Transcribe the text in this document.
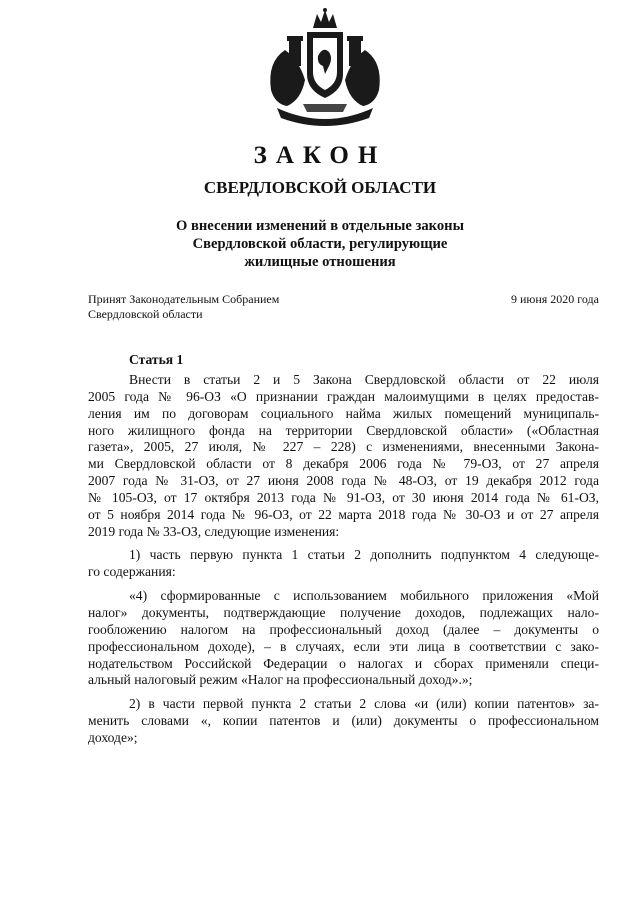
ЗАКОН
СВЕРДЛОВСКОЙ ОБЛАСТИ
О внесении изменений в отдельные законы
Свердловской области, регулирующие
жилищные отношения
Принят Законодательным Собранием
Свердловской области
9 июня 2020 года
Статья 1
Внести в статьи 2 и 5 Закона Свердловской области от 22 июля
2005 года № 96-ОЗ «О признании граждан малоимущими в целях предостав-
ления им по договорам социального найма жилых помещений муниципаль-
ного жилищного фонда на территории Свердловской области» («Областная
газета», 2005, 27 июля, № 227 – 228) с изменениями, внесенными Закона-
ми Свердловской области от 8 декабря 2006 года № 79-ОЗ, от 27 апреля
2007 года № 31-ОЗ, от 27 июня 2008 года № 48-ОЗ, от 19 декабря 2012 года
№ 105-ОЗ, от 17 октября 2013 года № 91-ОЗ, от 30 июня 2014 года № 61-ОЗ,
от 5 ноября 2014 года № 96-ОЗ, от 22 марта 2018 года № 30-ОЗ и от 27 апреля
2019 года № 33-ОЗ, следующие изменения:
1) часть первую пункта 1 статьи 2 дополнить подпунктом 4 следующе-
го содержания:
«4) сформированные с использованием мобильного приложения «Мой
налог» документы, подтверждающие получение доходов, подлежащих нало-
гообложению налогом на профессиональный доход (далее – документы о
профессиональном доходе), – в случаях, если эти лица в соответствии с зако-
нодательством Российской Федерации о налогах и сборах применяли специ-
альный налоговый режим «Налог на профессиональный доход».»;
2) в части первой пункта 2 статьи 2 слова «и (или) копии патентов» за-
менить словами «, копии патентов и (или) документы о профессиональном
доходе»;
